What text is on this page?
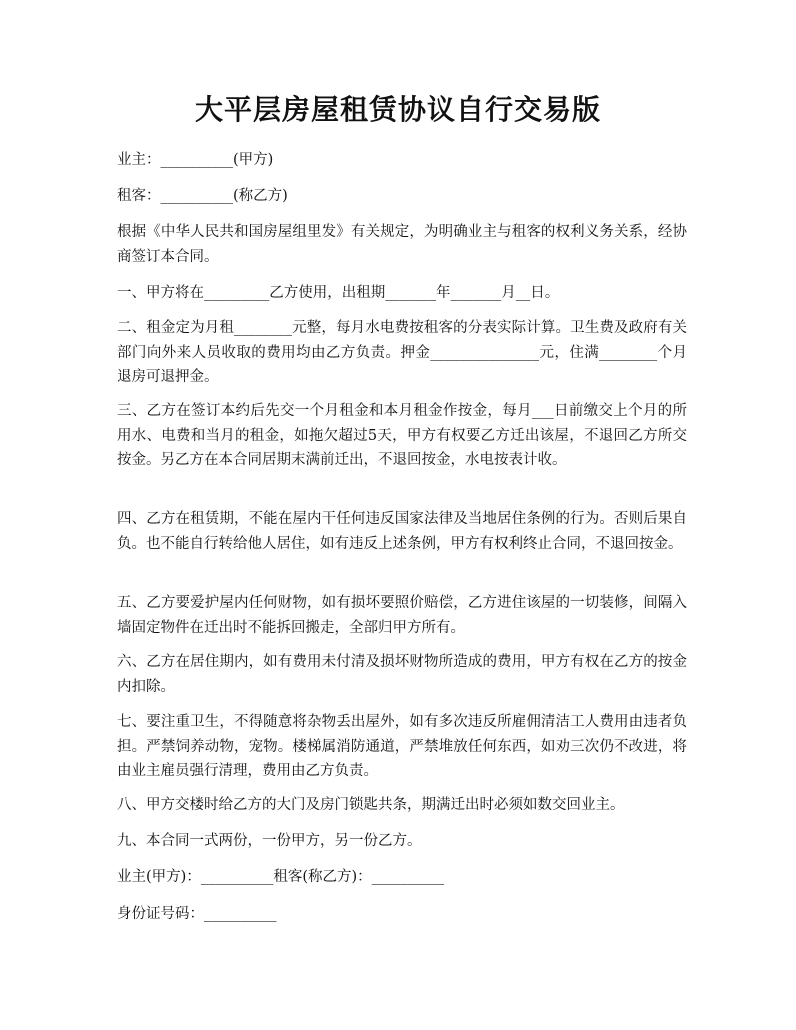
大平层房屋租赁协议自行交易版

业主：__________(甲方)

租客：__________(称乙方)

根据《中华人民共和国房屋组里发》有关规定，为明确业主与租客的权利义务关系，经协商签订本合同。

一、甲方将在_________乙方使用，出租期_______年_______月__日。

二、租金定为月租________元整，每月水电费按租客的分表实际计算。卫生费及政府有关部门向外来人员收取的费用均由乙方负责。押金_______________元，住满________个月退房可退押金。

三、乙方在签订本约后先交一个月租金和本月租金作按金，每月___日前缴交上个月的所用水、电费和当月的租金，如拖欠超过5天，甲方有权要乙方迁出该屋，不退回乙方所交按金。另乙方在本合同居期末满前迁出，不退回按金，水电按表计收。

四、乙方在租赁期，不能在屋内干任何违反国家法律及当地居住条例的行为。否则后果自负。也不能自行转给他人居住，如有违反上述条例，甲方有权利终止合同，不退回按金。

五、乙方要爱护屋内任何财物，如有损坏要照价赔偿，乙方进住该屋的一切装修，间隔入墙固定物件在迁出时不能拆回搬走，全部归甲方所有。

六、乙方在居住期内，如有费用未付清及损坏财物所造成的费用，甲方有权在乙方的按金内扣除。

七、要注重卫生，不得随意将杂物丢出屋外，如有多次违反所雇佣清洁工人费用由违者负担。严禁饲养动物，宠物。楼梯属消防通道，严禁堆放任何东西，如劝三次仍不改进，将由业主雇员强行清理，费用由乙方负责。

八、甲方交楼时给乙方的大门及房门锁匙共条，期满迁出时必须如数交回业主。

九、本合同一式两份，一份甲方，另一份乙方。

业主(甲方)：__________租客(称乙方)：__________

身份证号码：__________
